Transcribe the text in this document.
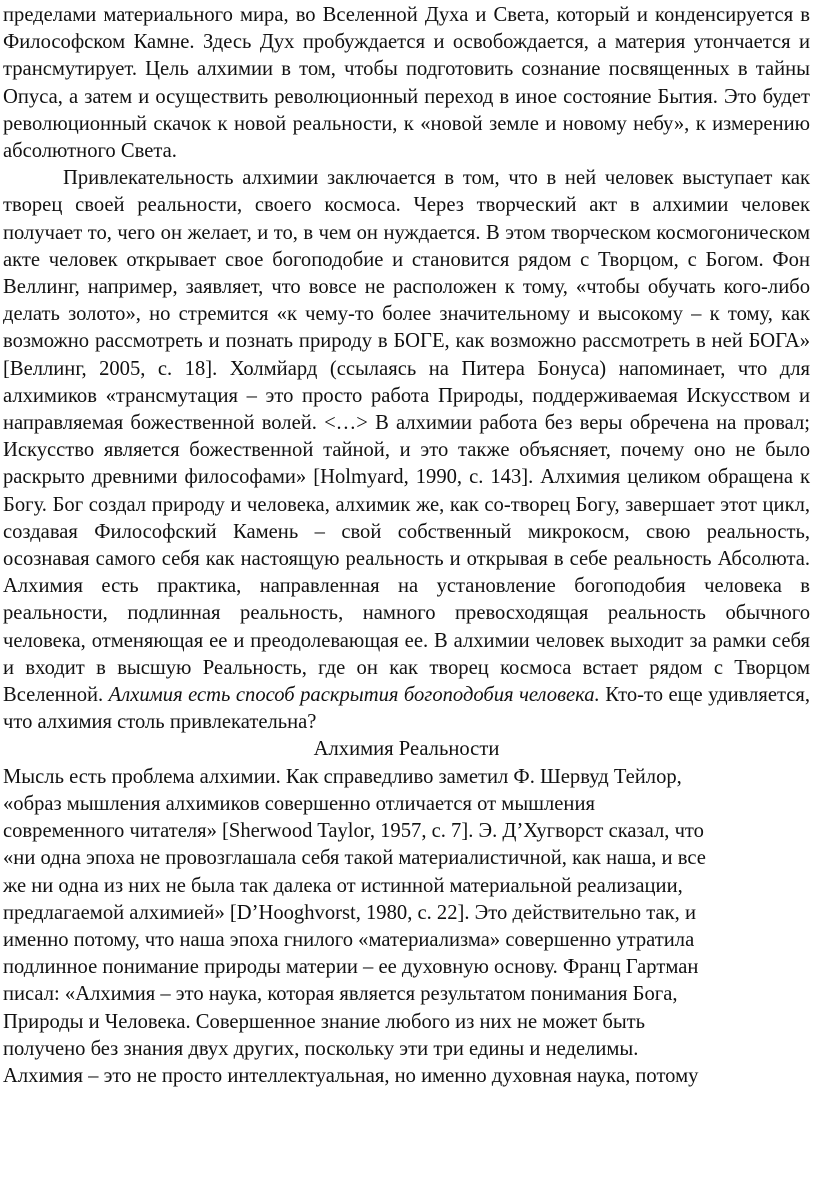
пределами материального мира, во Вселенной Духа и Света, который и конденсируется в Философском Камне. Здесь Дух пробуждается и освобождается, а материя утончается и трансмутирует. Цель алхимии в том, чтобы подготовить сознание посвященных в тайны Опуса, а затем и осуществить революционный переход в иное состояние Бытия. Это будет революционный скачок к новой реальности, к «новой земле и новому небу», к измерению абсолютного Света.

Привлекательность алхимии заключается в том, что в ней человек выступает как творец своей реальности, своего космоса. Через творческий акт в алхимии человек получает то, чего он желает, и то, в чем он нуждается. В этом творческом космогоническом акте человек открывает свое богоподобие и становится рядом с Творцом, с Богом. Фон Веллинг, например, заявляет, что вовсе не расположен к тому, «чтобы обучать кого-либо делать золото», но стремится «к чему-то более значительному и высокому – к тому, как возможно рассмотреть и познать природу в БОГЕ, как возможно рассмотреть в ней БОГА» [Веллинг, 2005, с. 18]. Холмйард (ссылаясь на Питера Бонуса) напоминает, что для алхимиков «трансмутация – это просто работа Природы, поддерживаемая Искусством и направляемая божественной волей. <…> В алхимии работа без веры обречена на провал; Искусство является божественной тайной, и это также объясняет, почему оно не было раскрыто древними философами» [Holmyard, 1990, с. 143]. Алхимия целиком обращена к Богу. Бог создал природу и человека, алхимик же, как со-творец Богу, завершает этот цикл, создавая Философский Камень – свой собственный микрокосм, свою реальность, осознавая самого себя как настоящую реальность и открывая в себе реальность Абсолюта. Алхимия есть практика, направленная на установление богоподобия человека в реальности, подлинная реальность, намного превосходящая реальность обычного человека, отменяющая ее и преодолевающая ее. В алхимии человек выходит за рамки себя и входит в высшую Реальность, где он как творец космоса встает рядом с Творцом Вселенной. Алхимия есть способ раскрытия богоподобия человека. Кто-то еще удивляется, что алхимия столь привлекательна?

Алхимия Реальности

Мысль есть проблема алхимии. Как справедливо заметил Ф. Шервуд Тейлор,

«образ мышления алхимиков совершенно отличается от мышления

современного читателя» [Sherwood Taylor, 1957, с. 7]. Э. Д’Хугворст сказал, что

«ни одна эпоха не провозглашала себя такой материалистичной, как наша, и все

же ни одна из них не была так далека от истинной материальной реализации,

предлагаемой алхимией» [D’Hooghvorst, 1980, с. 22]. Это действительно так, и

именно потому, что наша эпоха гнилого «материализма» совершенно утратила

подлинное понимание природы материи – ее духовную основу. Франц Гартман

писал: «Алхимия – это наука, которая является результатом понимания Бога,

Природы и Человека. Совершенное знание любого из них не может быть

получено без знания двух других, поскольку эти три едины и неделимы.

Алхимия – это не просто интеллектуальная, но именно духовная наука, потому
